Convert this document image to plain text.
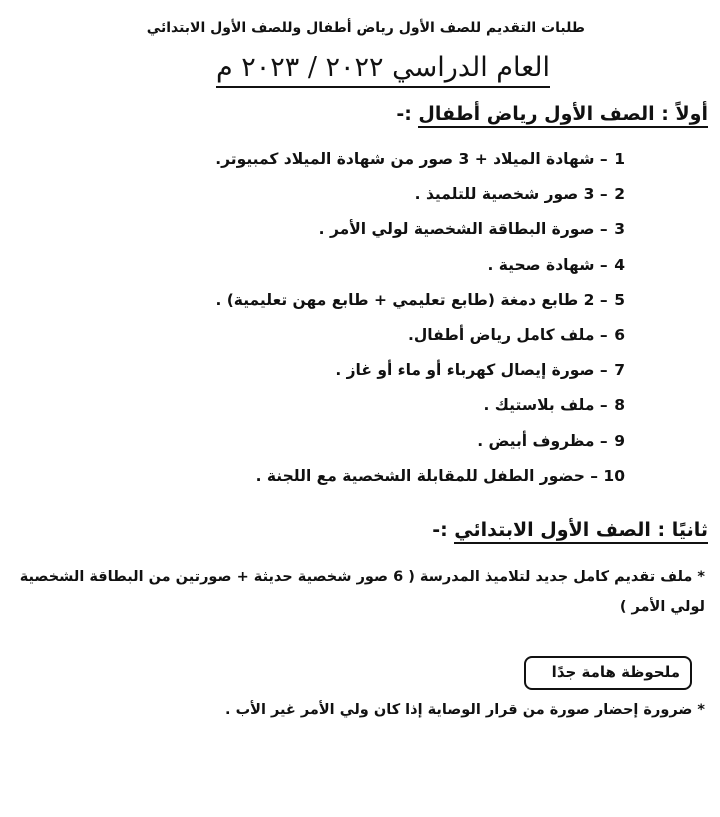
طلبات التقديم للصف الأول رياض أطفال وللصف الأول الابتدائي
العام الدراسي ٢٠٢٢ / ٢٠٢٣ م
أولاً : الصف الأول رياض أطفال :-
1 – شهادة الميلاد + 3 صور من شهادة الميلاد كمبيوتر.
2 – 3 صور شخصية للتلميذ .
3 – صورة البطاقة الشخصية لولي الأمر .
4 – شهادة صحية .
5 – 2 طابع دمغة (طابع تعليمي + طابع مهن تعليمية) .
6 – ملف كامل رياض أطفال.
7 – صورة إيصال كهرباء أو ماء أو غاز .
8 – ملف بلاستيك .
9 – مظروف أبيض .
10 – حضور الطفل للمقابلة الشخصية مع اللجنة .
ثانيًا : الصف الأول الابتدائي :-
* ملف تقديم كامل جديد لتلاميذ المدرسة ( 6 صور شخصية حديثة + صورتين من البطاقة الشخصية لولي الأمر )
ملحوظة هامة جدًا
* ضرورة إحضار صورة من قرار الوصاية إذا كان ولي الأمر غير الأب .
